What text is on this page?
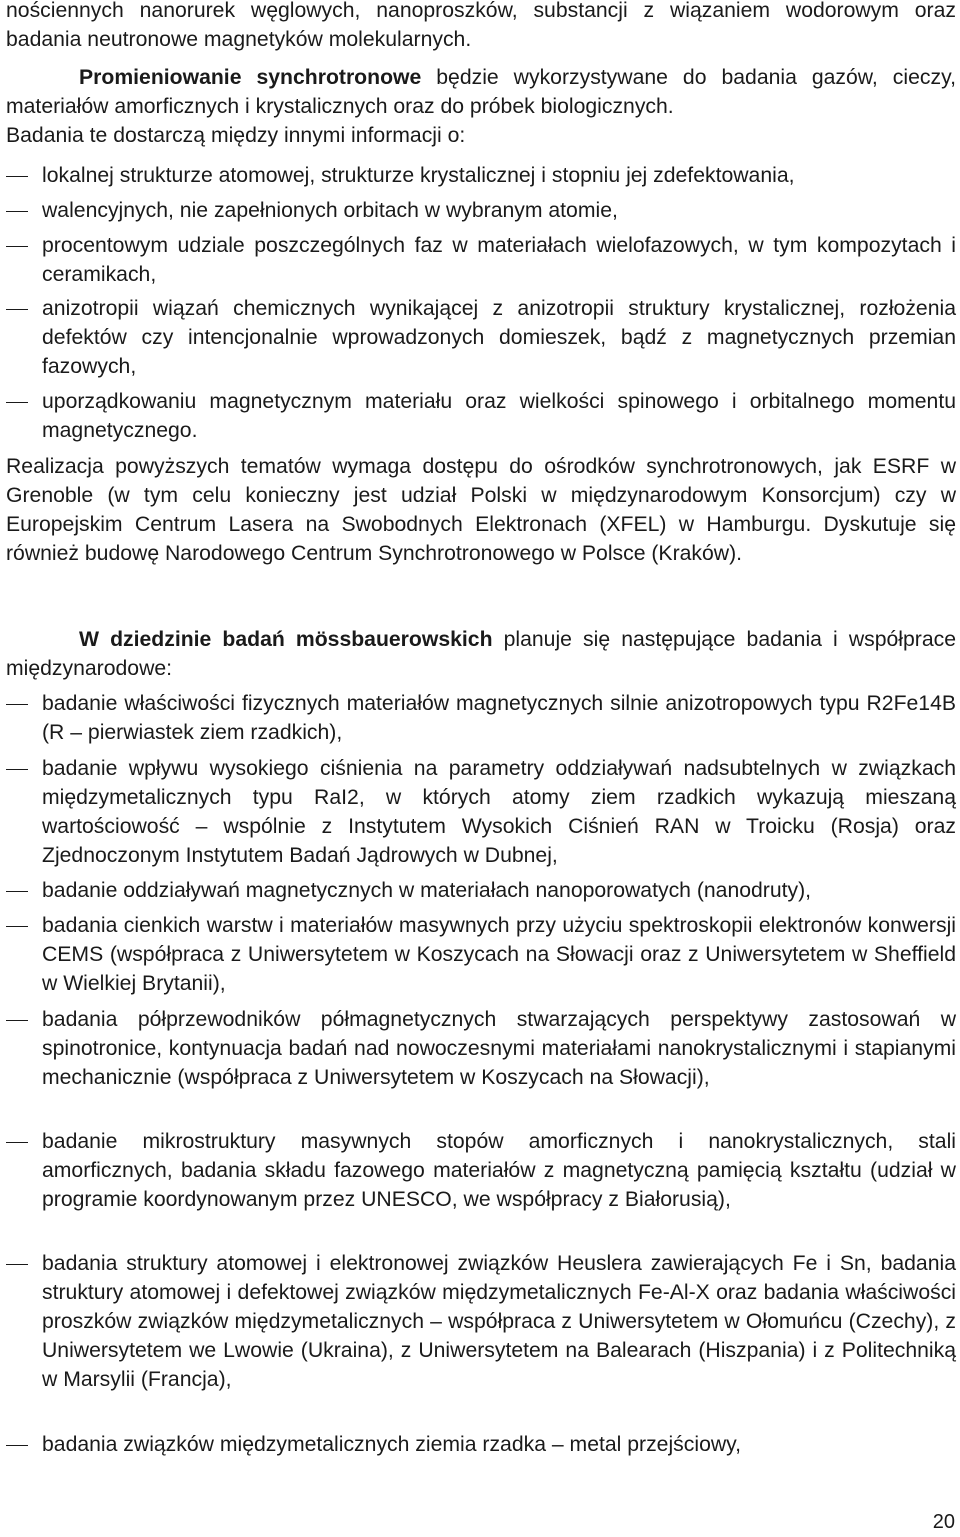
nościennych nanorurek węglowych, nanoproszków, substancji z wiązaniem wodorowym oraz badania neutronowe magnetyków molekularnych.

Promieniowanie synchrotronowe będzie wykorzystywane do badania gazów, cieczy, materiałów amorficznych i krystalicznych oraz do próbek biologicznych.

Badania te dostarczą między innymi informacji o:

lokalnej strukturze atomowej, strukturze krystalicznej i stopniu jej zdefektowania,
walencyjnych, nie zapełnionych orbitach w wybranym atomie,
procentowym udziale poszczególnych faz w materiałach wielofazowych, w tym kompozytach i ceramikach,
anizotropii wiązań chemicznych wynikającej z anizotropii struktury krystalicznej, rozłożenia defektów czy intencjonalnie wprowadzonych domieszek, bądź z magnetycznych przemian fazowych,
uporządkowaniu magnetycznym materiału oraz wielkości spinowego i orbitalnego momentu magnetycznego.

Realizacja powyższych tematów wymaga dostępu do ośrodków synchrotronowych, jak ESRF w Grenoble (w tym celu konieczny jest udział Polski w międzynarodowym Konsorcjum) czy w Europejskim Centrum Lasera na Swobodnych Elektronach (XFEL) w Hamburgu. Dyskutuje się również budowę Narodowego Centrum Synchrotronowego w Polsce (Kraków).

W dziedzinie badań mössbauerowskich planuje się następujące badania i współprace międzynarodowe:

badanie właściwości fizycznych materiałów magnetycznych silnie anizotropowych typu R2Fe14B (R – pierwiastek ziem rzadkich),
badanie wpływu wysokiego ciśnienia na parametry oddziaływań nadsubtelnych w związkach międzymetalicznych typu RaI2, w których atomy ziem rzadkich wykazują mieszaną wartościowość – wspólnie z Instytutem Wysokich Ciśnień RAN w Troicku (Rosja) oraz Zjednoczonym Instytutem Badań Jądrowych w Dubnej,
badanie oddziaływań magnetycznych w materiałach nanoporowatych (nanodruty),
badania cienkich warstw i materiałów masywnych przy użyciu spektroskopii elektronów konwersji CEMS (współpraca z Uniwersytetem w Koszycach na Słowacji oraz z Uniwersytetem w Sheffield w Wielkiej Brytanii),
badania półprzewodników półmagnetycznych stwarzających perspektywy zastosowań w spinotronice, kontynuacja badań nad nowoczesnymi materiałami nanokrystalicznymi i stapianymi mechanicznie (współpraca z Uniwersytetem w Koszycach na Słowacji),
badanie mikrostruktury masywnych stopów amorficznych i nanokrystalicznych, stali amorficznych, badania składu fazowego materiałów z magnetyczną pamięcią kształtu (udział w programie koordynowanym przez UNESCO, we współpracy z Białorusią),
badania struktury atomowej i elektronowej związków Heuslera zawierających Fe i Sn, badania struktury atomowej i defektowej związków międzymetalicznych Fe-Al-X oraz badania właściwości proszków związków międzymetalicznych – współpraca z Uniwersytetem w Ołomuńcu (Czechy), z Uniwersytetem we Lwowie (Ukraina), z Uniwersytetem na Balearach (Hiszpania) i z Politechniką w Marsylii (Francja),
badania związków międzymetalicznych ziemia rzadka – metal przejściowy,
20
